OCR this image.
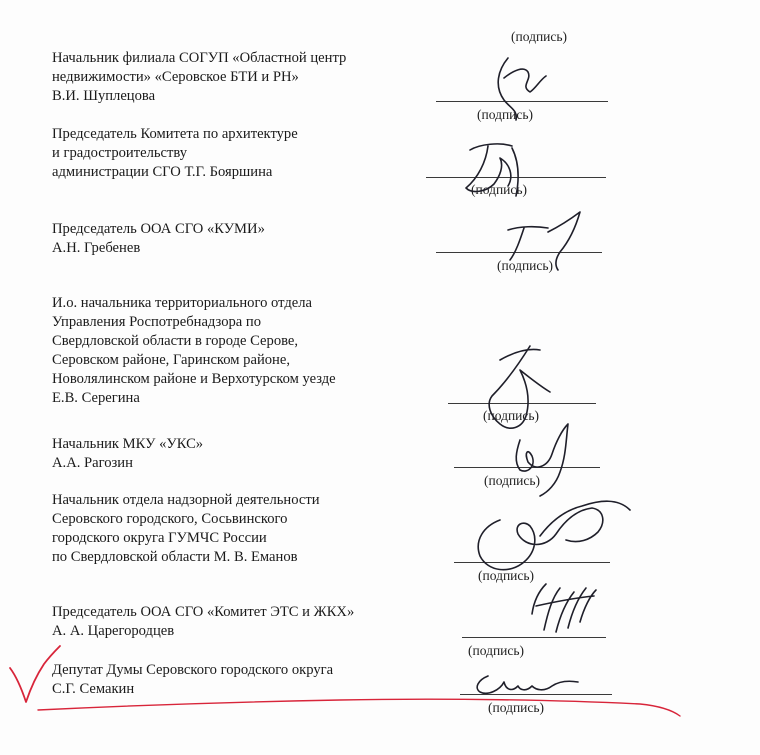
(подпись)
Начальник филиала СОГУП «Областной центр
недвижимости» «Серовское БТИ и РН»
В.И. Шуплецова
(подпись)
Председатель Комитета по архитектуре
и градостроительству
администрации СГО Т.Г. Бояршина
(подпись)
Председатель ООА СГО «КУМИ»
А.Н. Гребенев
(подпись)
И.о. начальника территориального отдела
Управления Роспотребнадзора по
Свердловской области в городе Серове,
Серовском районе, Гаринском районе,
Новолялинском районе и Верхотурском уезде
Е.В. Серегина
(подпись)
Начальник МКУ «УКС»
А.А. Рагозин
(подпись)
Начальник отдела надзорной деятельности
Серовского городского, Сосьвинского
городского округа ГУМЧС России
по Свердловской области М. В. Еманов
(подпись)
Председатель ООА СГО «Комитет ЭТС и ЖКХ»
А. А. Царегородцев
(подпись)
Депутат Думы Серовского городского округа
С.Г. Семакин
(подпись)
